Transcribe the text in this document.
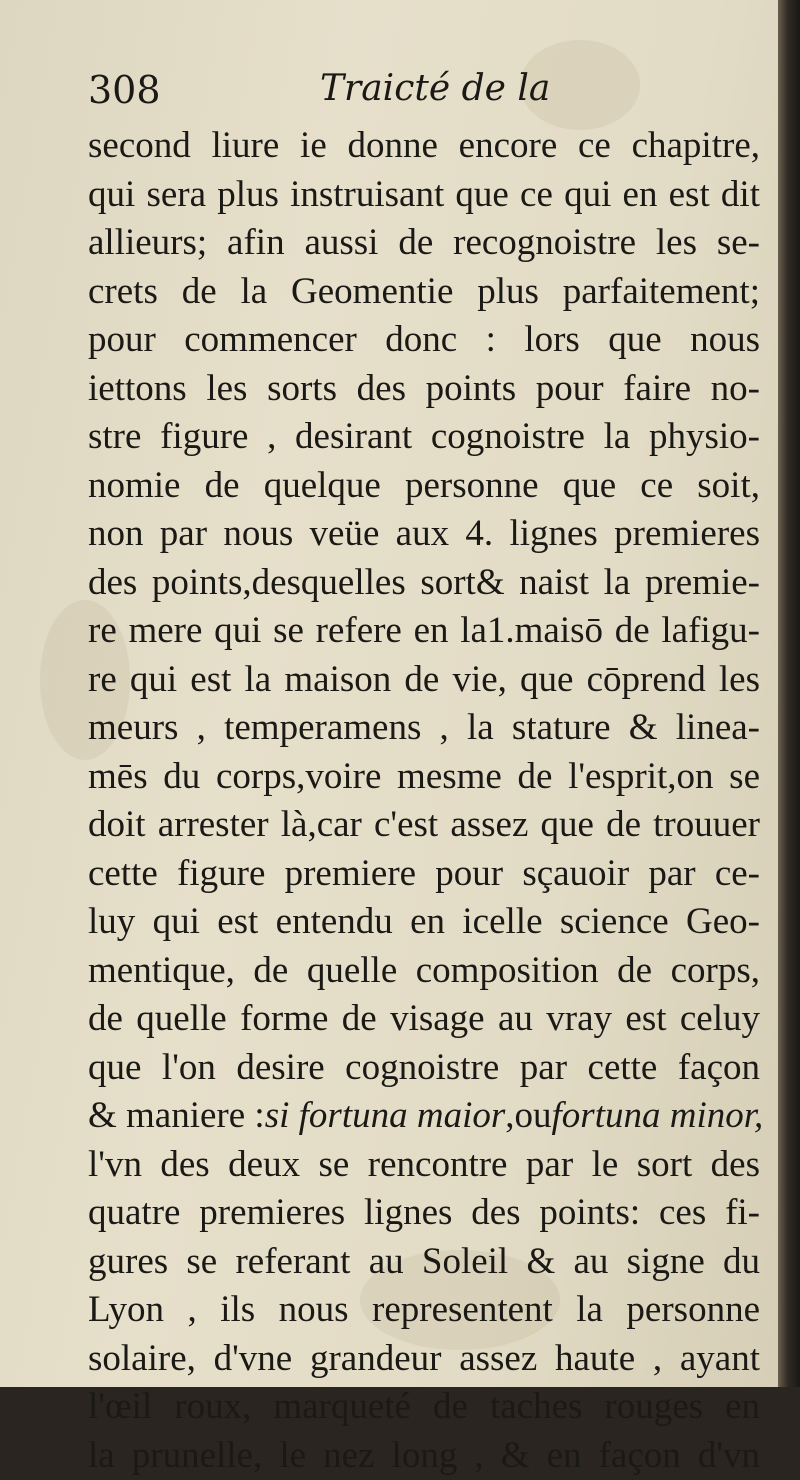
308	Traicté de la
second liure ie donne encore ce chapitre,
qui sera plus instruisant que ce qui en est dit
allieurs; afin aussi de recognoistre les se-
crets de la Geomentie plus parfaitement;
pour commencer donc : lors que nous
iettons les sorts des points pour faire no-
stre figure , desirant cognoistre la physio-
nomie de quelque personne que ce soit,
non par nous veüe aux 4. lignes premieres
des points,desquelles sort& naist la premie-
re mere qui se refere en la1.maisō de lafigu-
re qui est la maison de vie, que cōprend les
meurs , temperamens , la stature & linea-
mēs du corps,voire mesme de l'esprit,on se
doit arrester là,car c'est assez que de trouuer
cette figure premiere pour sçauoir par ce-
luy qui est entendu en icelle science Geo-
mentique, de quelle composition de corps,
de quelle forme de visage au vray est celuy
que l'on desire cognoistre par cette façon
& maniere :si fortuna maior,oufortuna minor,
l'vn des deux se rencontre par le sort des
quatre premieres lignes des points: ces fi-
gures se referant au Soleil & au signe du
Lyon , ils nous representent la personne
solaire, d'vne grandeur assez haute , ayant
l'œil roux, marqueté de taches rouges en
la prunelle, le nez long , & en façon d'vn
